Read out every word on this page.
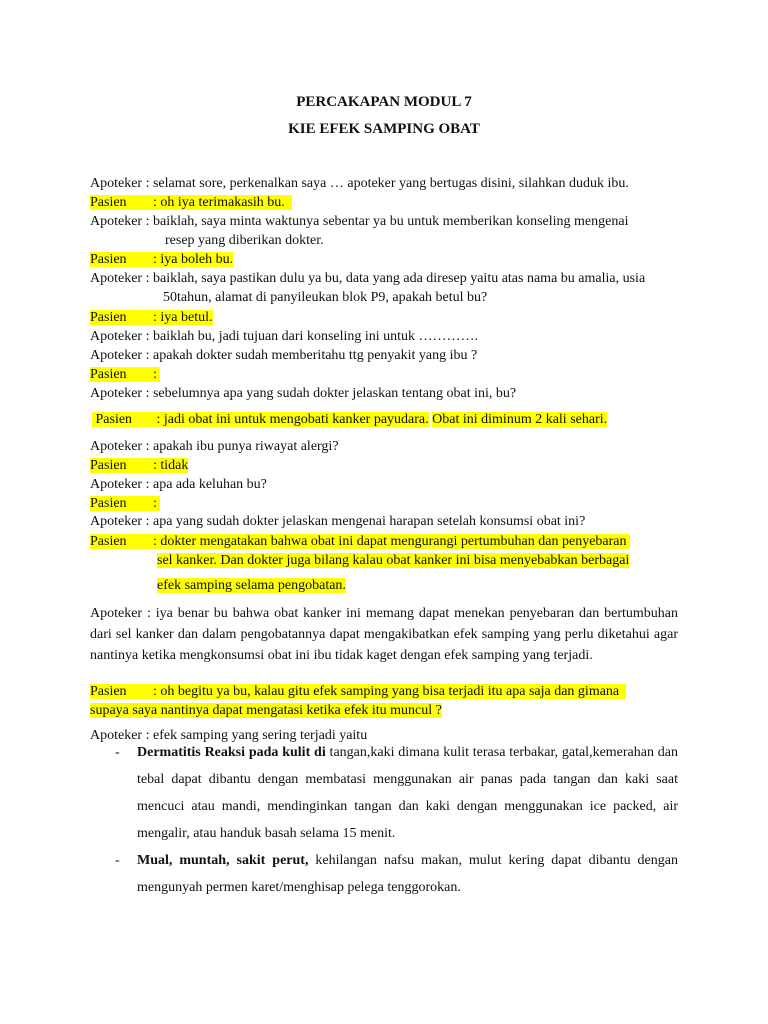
PERCAKAPAN MODUL 7
KIE EFEK SAMPING OBAT
Apoteker : selamat sore, perkenalkan saya … apoteker yang bertugas disini, silahkan duduk ibu.
Pasien : oh iya terimakasih bu.
Apoteker : baiklah, saya minta waktunya sebentar ya bu untuk memberikan konseling mengenai
resep yang diberikan dokter.
Pasien : iya boleh bu.
Apoteker : baiklah, saya pastikan dulu ya bu, data yang ada diresep yaitu atas nama bu amalia, usia
50tahun, alamat di panyileukan blok P9, apakah betul bu?
Pasien : iya betul.
Apoteker : baiklah bu, jadi tujuan dari konseling ini untuk ………….
Apoteker : apakah dokter sudah memberitahu ttg penyakit yang ibu ?
Pasien :
Apoteker : sebelumnya apa yang sudah dokter jelaskan tentang obat ini, bu?
Pasien : jadi obat ini untuk mengobati kanker payudara. Obat ini diminum 2 kali sehari.
Apoteker : apakah ibu punya riwayat alergi?
Pasien : tidak
Apoteker : apa ada keluhan bu?
Pasien :
Apoteker : apa yang sudah dokter jelaskan mengenai harapan setelah konsumsi obat ini?
Pasien : dokter mengatakan bahwa obat ini dapat mengurangi pertumbuhan dan penyebaran
sel kanker. Dan dokter juga bilang kalau obat kanker ini bisa menyebabkan berbagai
efek samping selama pengobatan.
Apoteker : iya benar bu bahwa obat kanker ini memang dapat menekan penyebaran dan bertumbuhan dari sel kanker dan dalam pengobatannya dapat mengakibatkan efek samping yang perlu diketahui agar nantinya ketika mengkonsumsi obat ini ibu tidak kaget dengan efek samping yang terjadi.
Pasien : oh begitu ya bu, kalau gitu efek samping yang bisa terjadi itu apa saja dan gimana
supaya saya nantinya dapat mengatasi ketika efek itu muncul ?
Apoteker : efek samping yang sering terjadi yaitu
- Dermatitis Reaksi pada kulit di tangan,kaki dimana kulit terasa terbakar, gatal,kemerahan dan tebal dapat dibantu dengan membatasi menggunakan air panas pada tangan dan kaki saat mencuci atau mandi, mendinginkan tangan dan kaki dengan menggunakan ice packed, air mengalir, atau handuk basah selama 15 menit.
- Mual, muntah, sakit perut, kehilangan nafsu makan, mulut kering dapat dibantu dengan mengunyah permen karet/menghisap pelega tenggorokan.
